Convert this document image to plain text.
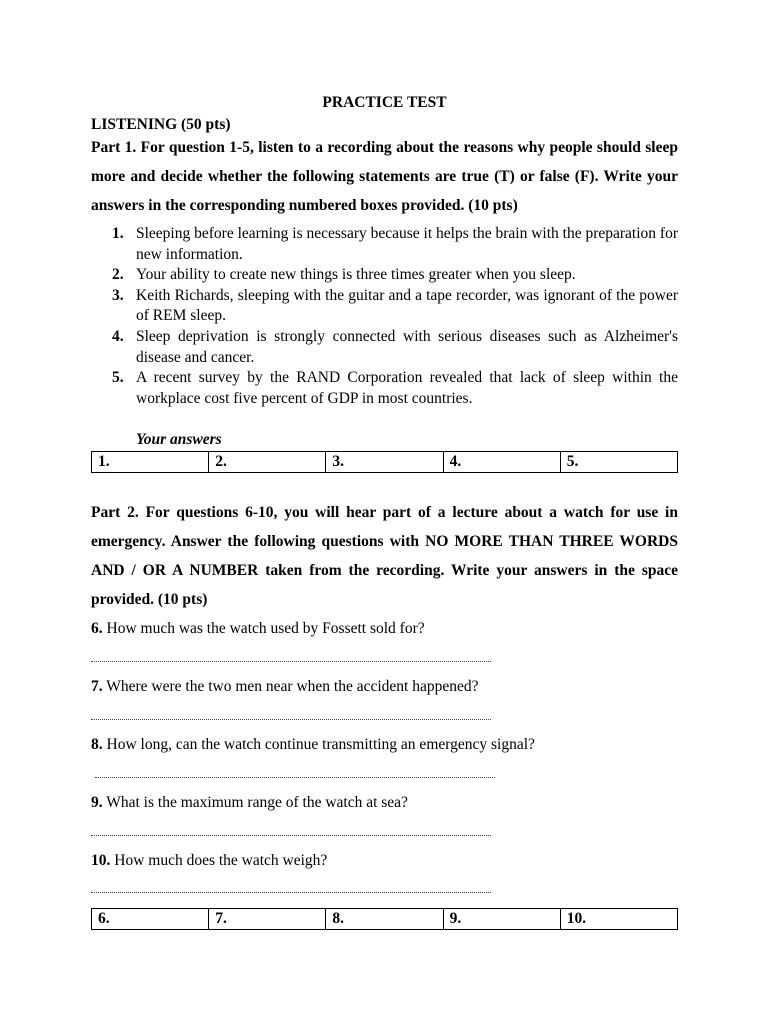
PRACTICE TEST
LISTENING (50 pts)
Part 1. For question 1-5, listen to a recording about the reasons why people should sleep more and decide whether the following statements are true (T) or false (F). Write your answers in the corresponding numbered boxes provided. (10 pts)
1. Sleeping before learning is necessary because it helps the brain with the preparation for new information.
2. Your ability to create new things is three times greater when you sleep.
3. Keith Richards, sleeping with the guitar and a tape recorder, was ignorant of the power of REM sleep.
4. Sleep deprivation is strongly connected with serious diseases such as Alzheimer's disease and cancer.
5. A recent survey by the RAND Corporation revealed that lack of sleep within the workplace cost five percent of GDP in most countries.
Your answers
1.	2.	3.	4.	5.
Part 2. For questions 6-10, you will hear part of a lecture about a watch for use in emergency. Answer the following questions with NO MORE THAN THREE WORDS AND / OR A NUMBER taken from the recording. Write your answers in the space provided. (10 pts)
6. How much was the watch used by Fossett sold for?
7. Where were the two men near when the accident happened?
8. How long, can the watch continue transmitting an emergency signal?
9. What is the maximum range of the watch at sea?
10. How much does the watch weigh?
6.	7.	8.	9.	10.
